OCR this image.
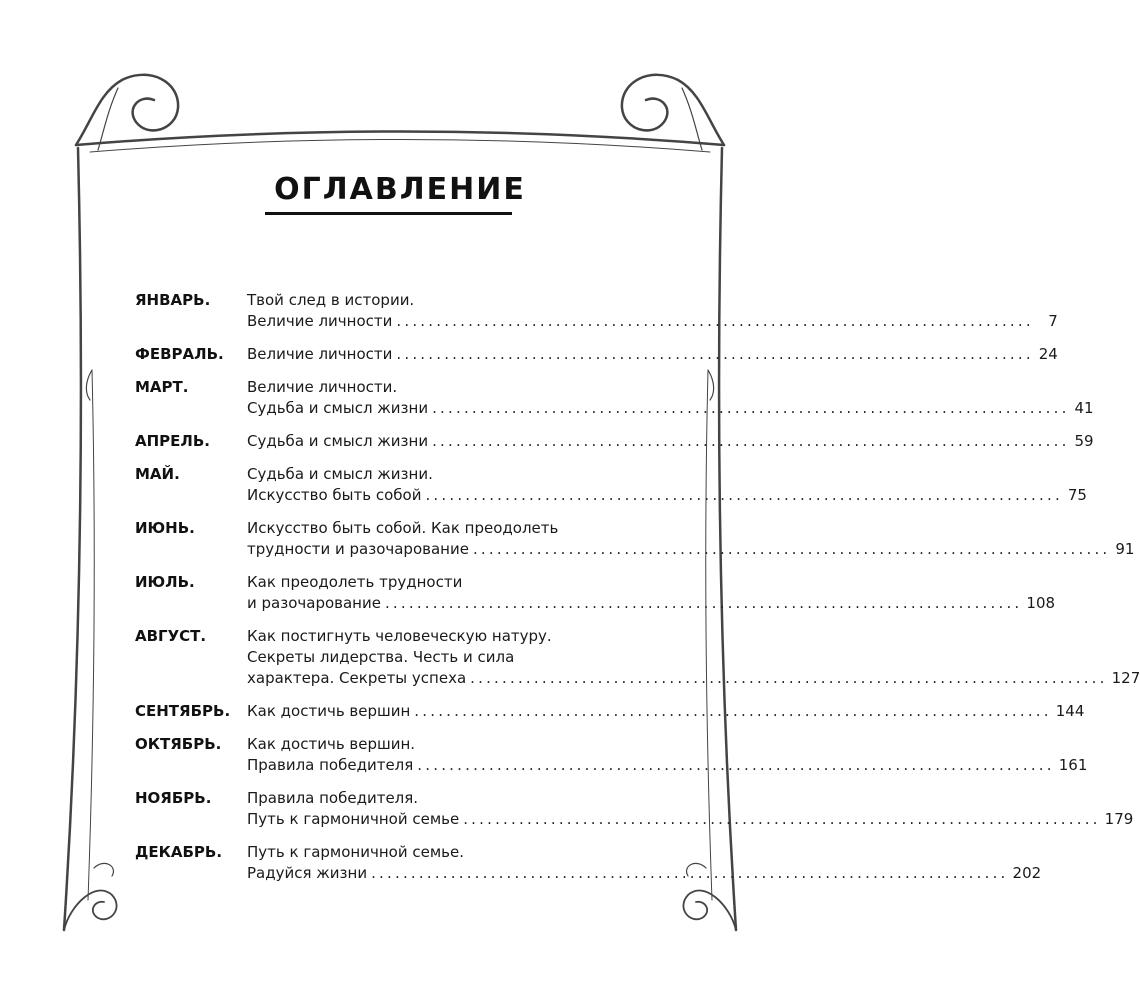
ОГЛАВЛЕНИЕ
ЯНВАРЬ.	Твой след в истории.
Величие личности ................................................................................ 7
ФЕВРАЛЬ.	Величие личности ................................................................................ 24
МАРТ.	Величие личности.
Судьба и смысл жизни ................................................................................ 41
АПРЕЛЬ.	Судьба и смысл жизни ................................................................................ 59
МАЙ.	Судьба и смысл жизни.
Искусство быть собой ................................................................................ 75
ИЮНЬ.	Искусство быть собой. Как преодолеть
трудности и разочарование ................................................................................ 91
ИЮЛЬ.	Как преодолеть трудности
и разочарование ................................................................................ 108
АВГУСТ.	Как постигнуть человеческую натуру.
Секреты лидерства. Честь и сила
характера. Секреты успеха ................................................................................ 127
СЕНТЯБРЬ.	Как достичь вершин ................................................................................ 144
ОКТЯБРЬ.	Как достичь вершин.
Правила победителя ................................................................................ 161
НОЯБРЬ.	Правила победителя.
Путь к гармоничной семье ................................................................................ 179
ДЕКАБРЬ.	Путь к гармоничной семье.
Радуйся жизни ................................................................................ 202
